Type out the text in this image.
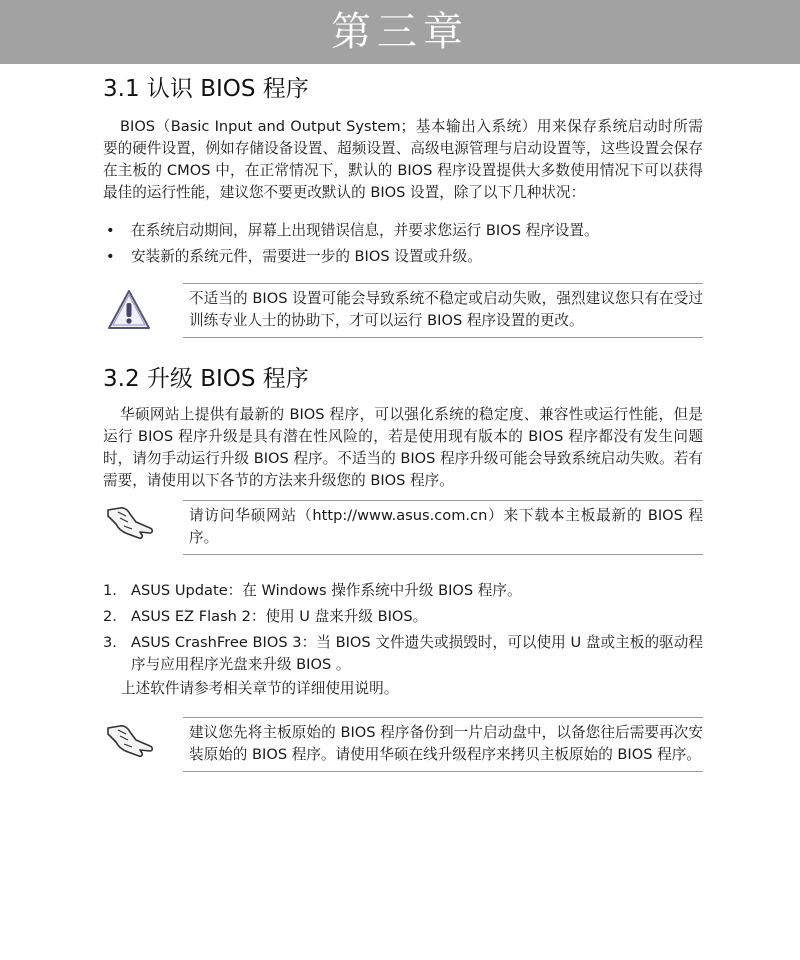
第三章
3.1 认识 BIOS 程序

BIOS（Basic Input and Output System；基本输出入系统）用来保存系统启动时所需要的硬件设置，例如存储设备设置、超频设置、高级电源管理与启动设置等，这些设置会保存在主板的 CMOS 中，在正常情况下，默认的 BIOS 程序设置提供大多数使用情况下可以获得最佳的运行性能，建议您不要更改默认的 BIOS 设置，除了以下几种状况：

• 在系统启动期间，屏幕上出现错误信息，并要求您运行 BIOS 程序设置。
• 安装新的系统元件，需要进一步的 BIOS 设置或升级。

不适当的 BIOS 设置可能会导致系统不稳定或启动失败，强烈建议您只有在受过训练专业人士的协助下，才可以运行 BIOS 程序设置的更改。

3.2 升级 BIOS 程序

华硕网站上提供有最新的 BIOS 程序，可以强化系统的稳定度、兼容性或运行性能，但是运行 BIOS 程序升级是具有潜在性风险的，若是使用现有版本的 BIOS 程序都没有发生问题时，请勿手动运行升级 BIOS 程序。不适当的 BIOS 程序升级可能会导致系统启动失败。若有需要，请使用以下各节的方法来升级您的 BIOS 程序。

请访问华硕网站（http://www.asus.com.cn）来下载本主板最新的 BIOS 程序。

1. ASUS Update：在 Windows 操作系统中升级 BIOS 程序。
2. ASUS EZ Flash 2：使用 U 盘来升级 BIOS。
3. ASUS CrashFree BIOS 3：当 BIOS 文件遗失或损毁时，可以使用 U 盘或主板的驱动程序与应用程序光盘来升级 BIOS 。
上述软件请参考相关章节的详细使用说明。

建议您先将主板原始的 BIOS 程序备份到一片启动盘中，以备您往后需要再次安装原始的 BIOS 程序。请使用华硕在线升级程序来拷贝主板原始的 BIOS 程序。
